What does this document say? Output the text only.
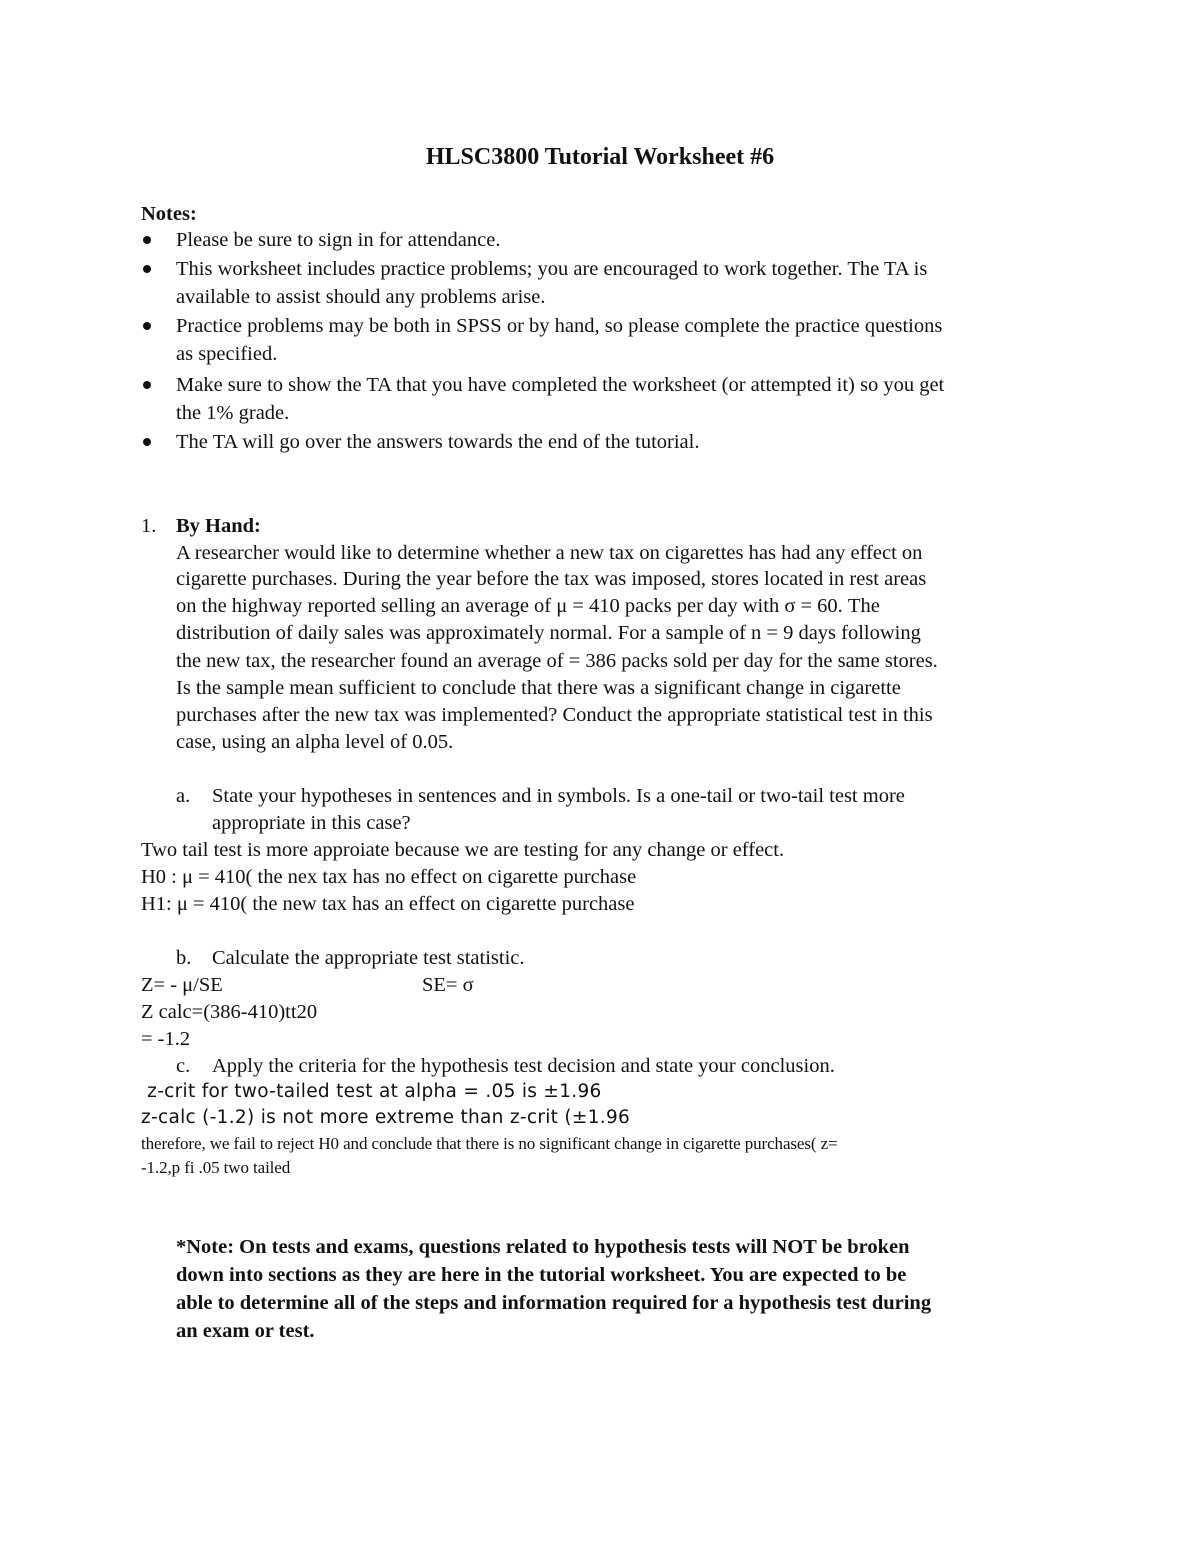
HLSC3800 Tutorial Worksheet #6
Notes:
Please be sure to sign in for attendance.
This worksheet includes practice problems; you are encouraged to work together. The TA is
available to assist should any problems arise.
Practice problems may be both in SPSS or by hand, so please complete the practice questions
as specified.
Make sure to show the TA that you have completed the worksheet (or attempted it) so you get
the 1% grade.
The TA will go over the answers towards the end of the tutorial.
1. By Hand:
A researcher would like to determine whether a new tax on cigarettes has had any effect on
cigarette purchases. During the year before the tax was imposed, stores located in rest areas
on the highway reported selling an average of μ = 410 packs per day with σ = 60. The
distribution of daily sales was approximately normal. For a sample of n = 9 days following
the new tax, the researcher found an average of = 386 packs sold per day for the same stores.
Is the sample mean sufficient to conclude that there was a significant change in cigarette
purchases after the new tax was implemented? Conduct the appropriate statistical test in this
case, using an alpha level of 0.05.
a. State your hypotheses in sentences and in symbols. Is a one-tail or two-tail test more
appropriate in this case?
Two tail test is more approiate because we are testing for any change or effect.
H0 : μ = 410( the nex tax has no effect on cigarette purchase
H1: μ = 410( the new tax has an effect on cigarette purchase
b. Calculate the appropriate test statistic.
Z= - μ/SE	SE= σ
Z calc=(386-410)tt20
= -1.2
c. Apply the criteria for the hypothesis test decision and state your conclusion.
z-crit for two-tailed test at alpha = .05 is ±1.96
z-calc (-1.2) is not more extreme than z-crit (±1.96
therefore, we fail to reject H0 and conclude that there is no significant change in cigarette purchases( z=
-1.2,p fi .05 two tailed
*Note: On tests and exams, questions related to hypothesis tests will NOT be broken
down into sections as they are here in the tutorial worksheet. You are expected to be
able to determine all of the steps and information required for a hypothesis test during
an exam or test.
